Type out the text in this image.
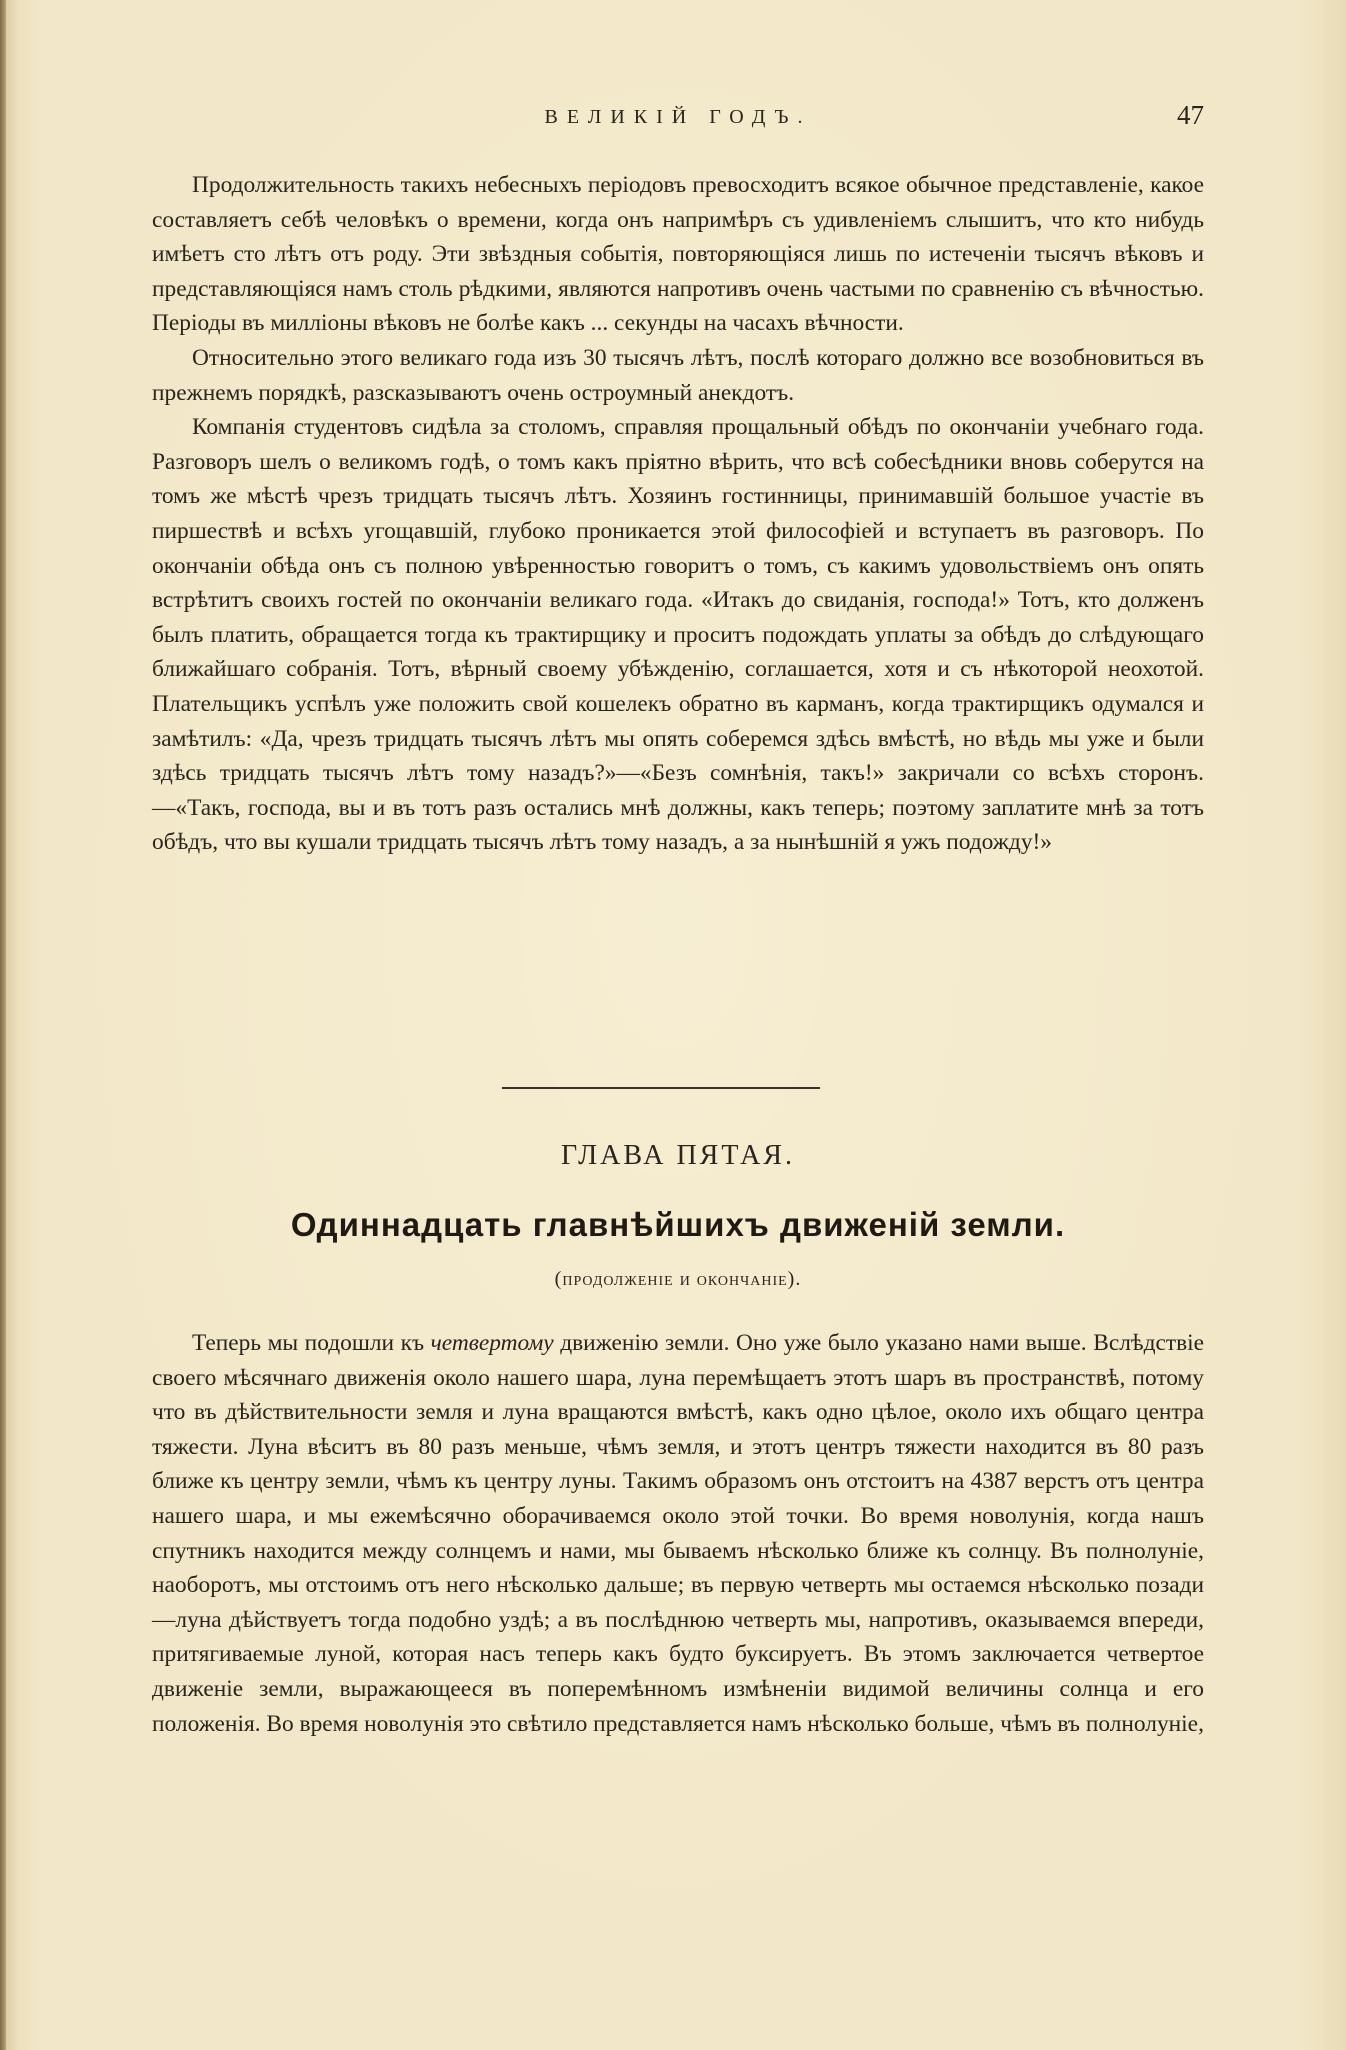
ВЕЛИКІЙ ГОДЪ.	47

Продолжительность такихъ небесныхъ періодовъ превосходитъ всякое обычное представленіе, какое составляетъ себѣ человѣкъ о времени, когда онъ напримѣръ съ удивленіемъ слышитъ, что кто нибудь имѣетъ сто лѣтъ отъ роду. Эти звѣздныя событія, повторяющіяся лишь по истеченіи тысячъ вѣковъ и представляющіяся намъ столь рѣдкими, являются напротивъ очень частыми по сравненію съ вѣчностью. Періоды въ милліоны вѣковъ не болѣе какъ ... секунды на часахъ вѣчности.

Относительно этого великаго года изъ 30 тысячъ лѣтъ, послѣ котораго должно все возобновиться въ прежнемъ порядкѣ, разсказываютъ очень остроумный анекдотъ.

Компанія студентовъ сидѣла за столомъ, справляя прощальный обѣдъ по окончаніи учебнаго года. Разговоръ шелъ о великомъ годѣ, о томъ какъ пріятно вѣрить, что всѣ собесѣдники вновь соберутся на томъ же мѣстѣ чрезъ тридцать тысячъ лѣтъ. Хозяинъ гостинницы, принимавшій большое участіе въ пиршествѣ и всѣхъ угощавшій, глубоко проникается этой философіей и вступаетъ въ разговоръ. По окончаніи обѣда онъ съ полною увѣренностью говоритъ о томъ, съ какимъ удовольствіемъ онъ опять встрѣтитъ своихъ гостей по окончаніи великаго года. «Итакъ до свиданія, господа!» Тотъ, кто долженъ былъ платить, обращается тогда къ трактирщику и проситъ подождать уплаты за обѣдъ до слѣдующаго ближайшаго собранія. Тотъ, вѣрный своему убѣжденію, соглашается, хотя и съ нѣкоторой неохотой. Плательщикъ успѣлъ уже положить свой кошелекъ обратно въ карманъ, когда трактирщикъ одумался и замѣтилъ: «Да, чрезъ тридцать тысячъ лѣтъ мы опять соберемся здѣсь вмѣстѣ, но вѣдь мы уже и были здѣсь тридцать тысячъ лѣтъ тому назадъ?»—«Безъ сомнѣнія, такъ!» закричали со всѣхъ сторонъ.—«Такъ, господа, вы и въ тотъ разъ остались мнѣ должны, какъ теперь; поэтому заплатите мнѣ за тотъ обѣдъ, что вы кушали тридцать тысячъ лѣтъ тому назадъ, а за нынѣшній я ужъ подожду!»

ГЛАВА ПЯТАЯ.
Одиннадцать главнѣйшихъ движеній земли.
(продолженіе и окончаніе).

Теперь мы подошли къ четвертому движенію земли. Оно уже было указано нами выше. Вслѣдствіе своего мѣсячнаго движенія около нашего шара, луна перемѣщаетъ этотъ шаръ въ пространствѣ, потому что въ дѣйствительности земля и луна вращаются вмѣстѣ, какъ одно цѣлое, около ихъ общаго центра тяжести. Луна вѣситъ въ 80 разъ меньше, чѣмъ земля, и этотъ центръ тяжести находится въ 80 разъ ближе къ центру земли, чѣмъ къ центру луны. Такимъ образомъ онъ отстоитъ на 4387 верстъ отъ центра нашего шара, и мы ежемѣсячно оборачиваемся около этой точки. Во время новолунія, когда нашъ спутникъ находится между солнцемъ и нами, мы бываемъ нѣсколько ближе къ солнцу. Въ полнолуніе, наоборотъ, мы отстоимъ отъ него нѣсколько дальше; въ первую четверть мы остаемся нѣсколько позади—луна дѣйствуетъ тогда подобно уздѣ; а въ послѣднюю четверть мы, напротивъ, оказываемся впереди, притягиваемые луной, которая насъ теперь какъ будто буксируетъ. Въ этомъ заключается четвертое движеніе земли, выражающееся въ поперемѣнномъ измѣненіи видимой величины солнца и его положенія. Во время новолунія это свѣтило представляется намъ нѣсколько больше, чѣмъ въ полнолуніе,
